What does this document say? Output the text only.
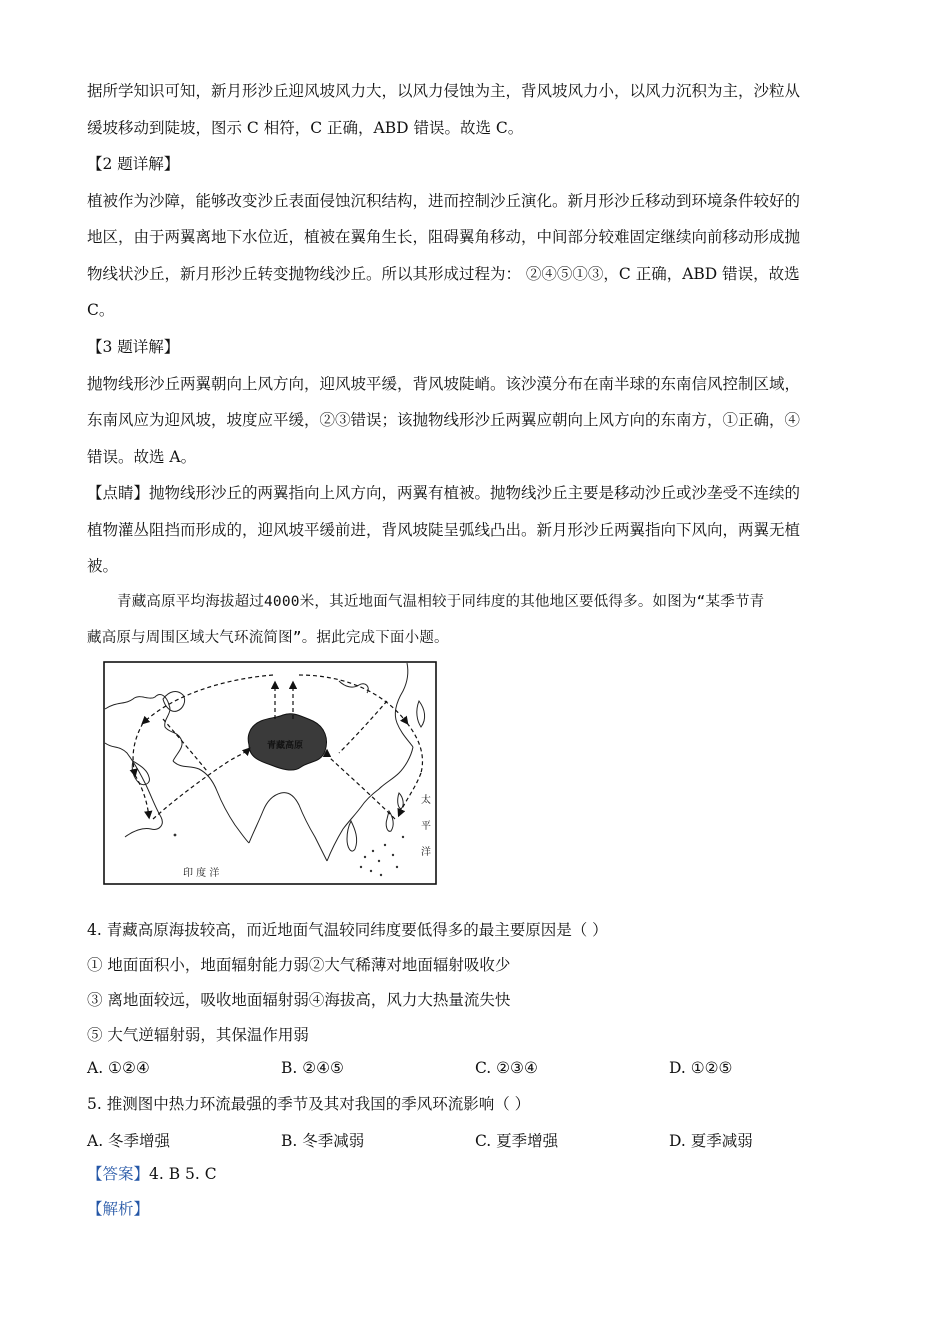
据所学知识可知，新月形沙丘迎风坡风力大，以风力侵蚀为主，背风坡风力小，以风力沉积为主，沙粒从
缓坡移动到陡坡，图示 C 相符，C 正确，ABD 错误。故选 C。
【2 题详解】
植被作为沙障，能够改变沙丘表面侵蚀沉积结构，进而控制沙丘演化。新月形沙丘移动到环境条件较好的
地区，由于两翼离地下水位近，植被在翼角生长，阻碍翼角移动，中间部分较难固定继续向前移动形成抛
物线状沙丘，新月形沙丘转变抛物线沙丘。所以其形成过程为： ②④⑤①③，C 正确，ABD 错误，故选
C。
【3 题详解】
抛物线形沙丘两翼朝向上风方向，迎风坡平缓，背风坡陡峭。该沙漠分布在南半球的东南信风控制区域，
东南风应为迎风坡，坡度应平缓，②③错误；该抛物线形沙丘两翼应朝向上风方向的东南方，①正确，④
错误。故选 A。
【点睛】抛物线形沙丘的两翼指向上风方向，两翼有植被。抛物线沙丘主要是移动沙丘或沙垄受不连续的
植物灌丛阻挡而形成的，迎风坡平缓前进，背风坡陡呈弧线凸出。新月形沙丘两翼指向下风向，两翼无植
被。
青藏高原平均海拔超过4000米，其近地面气温相较于同纬度的其他地区要低得多。如图为“某季节青
藏高原与周围区域大气环流简图”。据此完成下面小题。
青藏高原
印 度 洋
太
平
洋
4. 青藏高原海拔较高，而近地面气温较同纬度要低得多的最主要原因是（ ）
① 地面面积小，地面辐射能力弱②大气稀薄对地面辐射吸收少
③ 离地面较远，吸收地面辐射弱④海拔高，风力大热量流失快
⑤ 大气逆辐射弱，其保温作用弱
A. ①②④	B. ②④⑤	C. ②③④	D. ①②⑤
5. 推测图中热力环流最强的季节及其对我国的季风环流影响（ ）
A. 冬季增强	B. 冬季减弱	C. 夏季增强	D. 夏季减弱
【答案】4. B 5. C
【解析】
